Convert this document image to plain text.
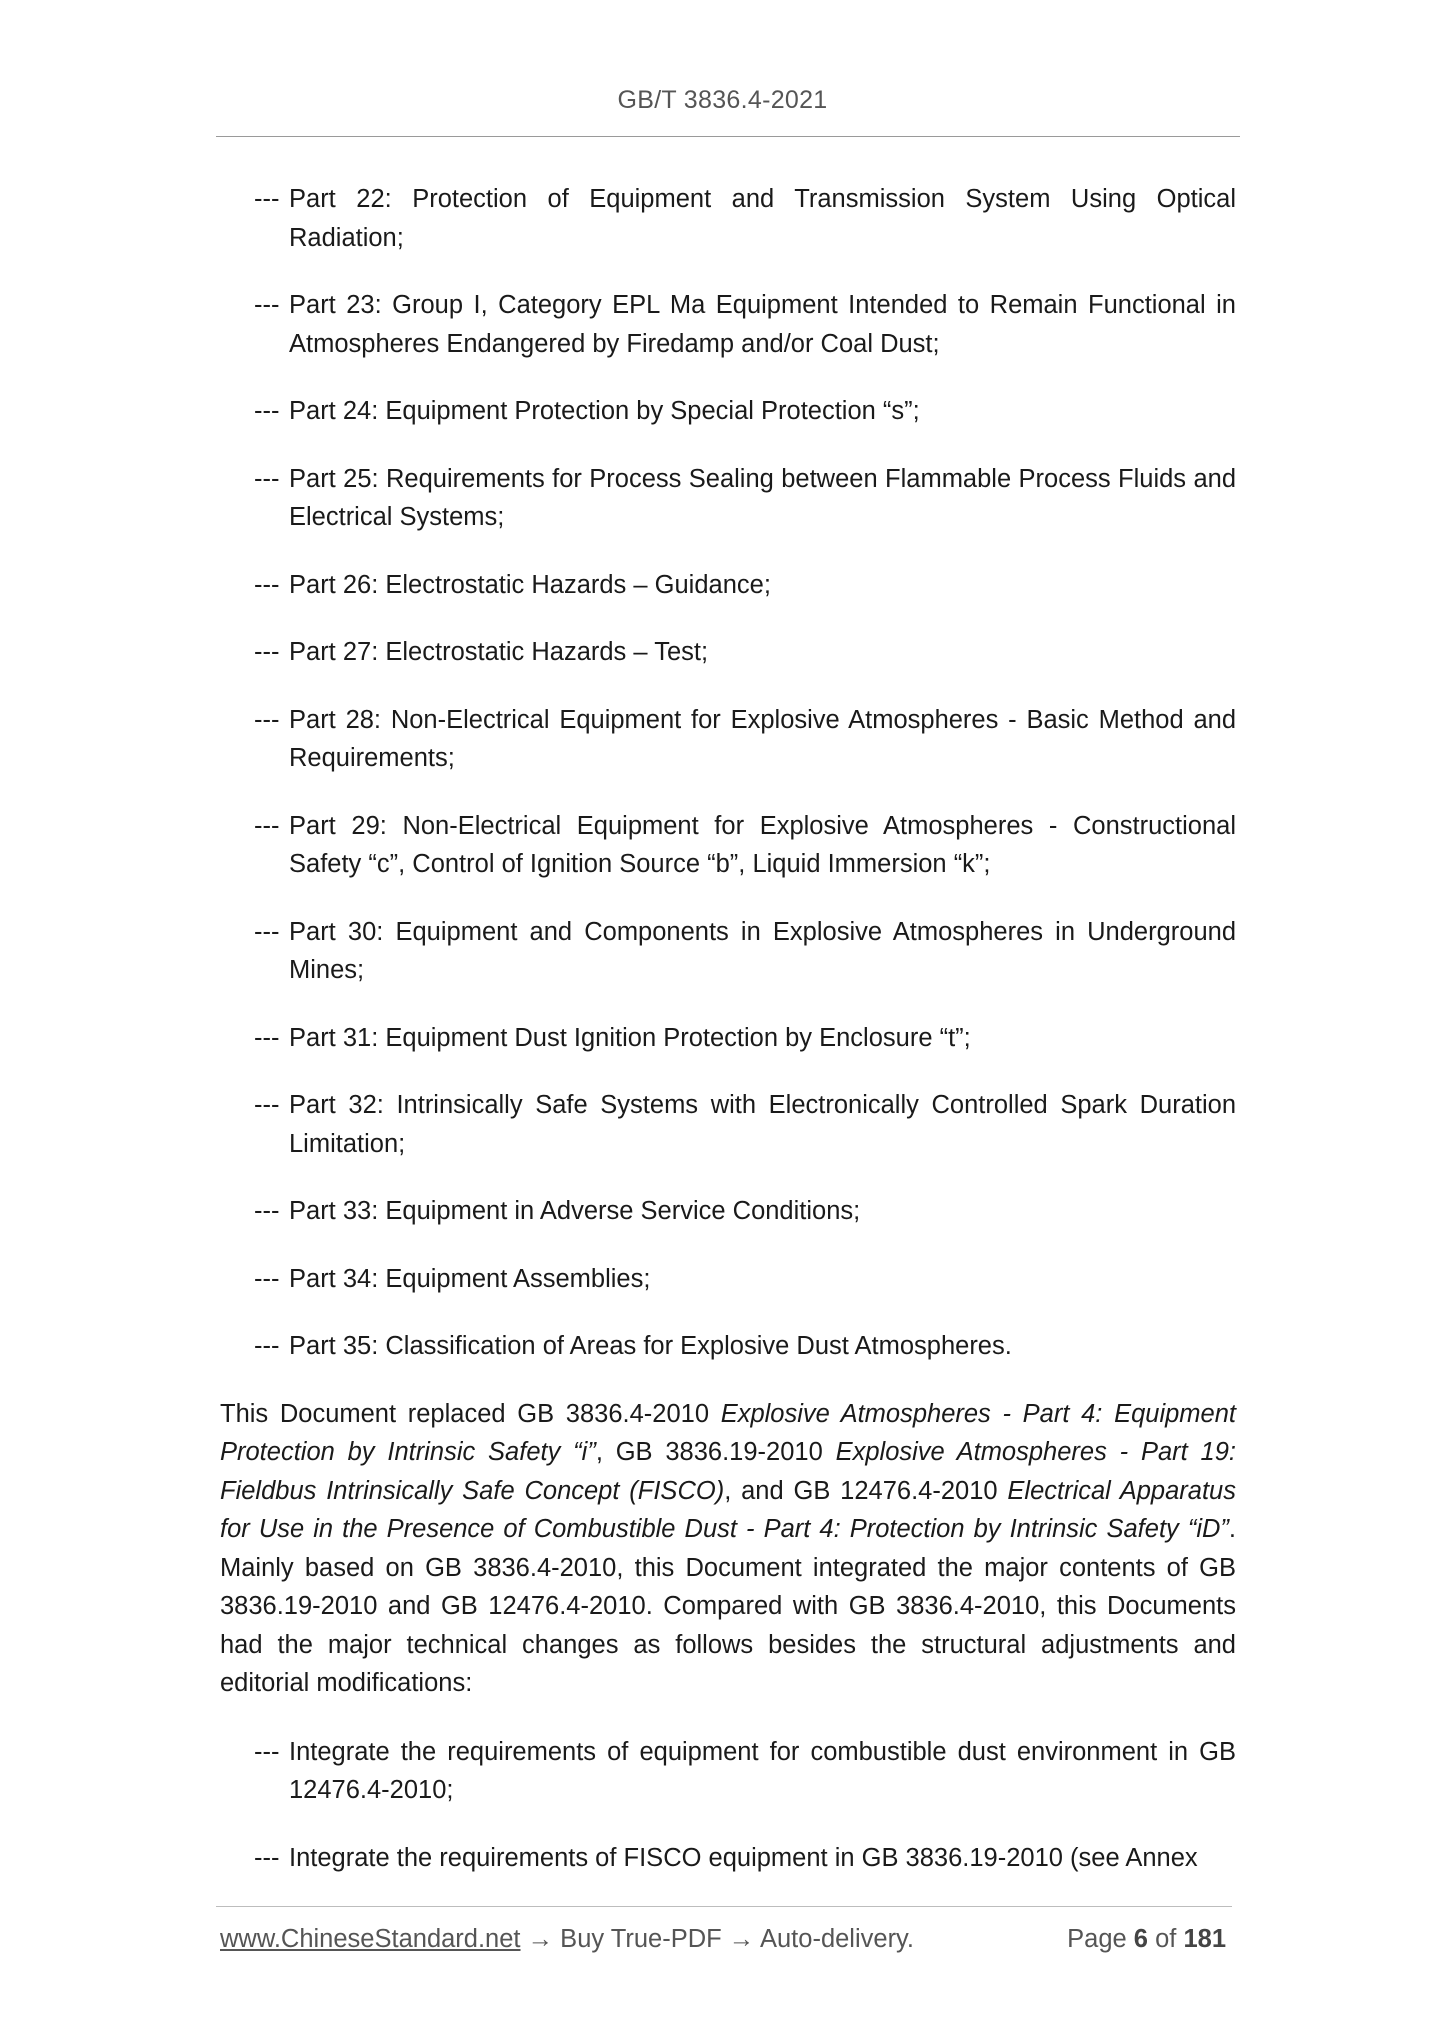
GB/T 3836.4-2021
--- Part 22: Protection of Equipment and Transmission System Using Optical Radiation;
--- Part 23: Group I, Category EPL Ma Equipment Intended to Remain Functional in Atmospheres Endangered by Firedamp and/or Coal Dust;
--- Part 24: Equipment Protection by Special Protection “s”;
--- Part 25: Requirements for Process Sealing between Flammable Process Fluids and Electrical Systems;
--- Part 26: Electrostatic Hazards – Guidance;
--- Part 27: Electrostatic Hazards – Test;
--- Part 28: Non-Electrical Equipment for Explosive Atmospheres - Basic Method and Requirements;
--- Part 29: Non-Electrical Equipment for Explosive Atmospheres - Constructional Safety “c”, Control of Ignition Source “b”, Liquid Immersion “k”;
--- Part 30: Equipment and Components in Explosive Atmospheres in Underground Mines;
--- Part 31: Equipment Dust Ignition Protection by Enclosure “t”;
--- Part 32: Intrinsically Safe Systems with Electronically Controlled Spark Duration Limitation;
--- Part 33: Equipment in Adverse Service Conditions;
--- Part 34: Equipment Assemblies;
--- Part 35: Classification of Areas for Explosive Dust Atmospheres.
This Document replaced GB 3836.4-2010 Explosive Atmospheres - Part 4: Equipment Protection by Intrinsic Safety “i”, GB 3836.19-2010 Explosive Atmospheres - Part 19: Fieldbus Intrinsically Safe Concept (FISCO), and GB 12476.4-2010 Electrical Apparatus for Use in the Presence of Combustible Dust - Part 4: Protection by Intrinsic Safety “iD”. Mainly based on GB 3836.4-2010, this Document integrated the major contents of GB 3836.19-2010 and GB 12476.4-2010. Compared with GB 3836.4-2010, this Documents had the major technical changes as follows besides the structural adjustments and editorial modifications:
--- Integrate the requirements of equipment for combustible dust environment in GB 12476.4-2010;
--- Integrate the requirements of FISCO equipment in GB 3836.19-2010 (see Annex
www.ChineseStandard.net → Buy True-PDF → Auto-delivery.	Page 6 of 181
